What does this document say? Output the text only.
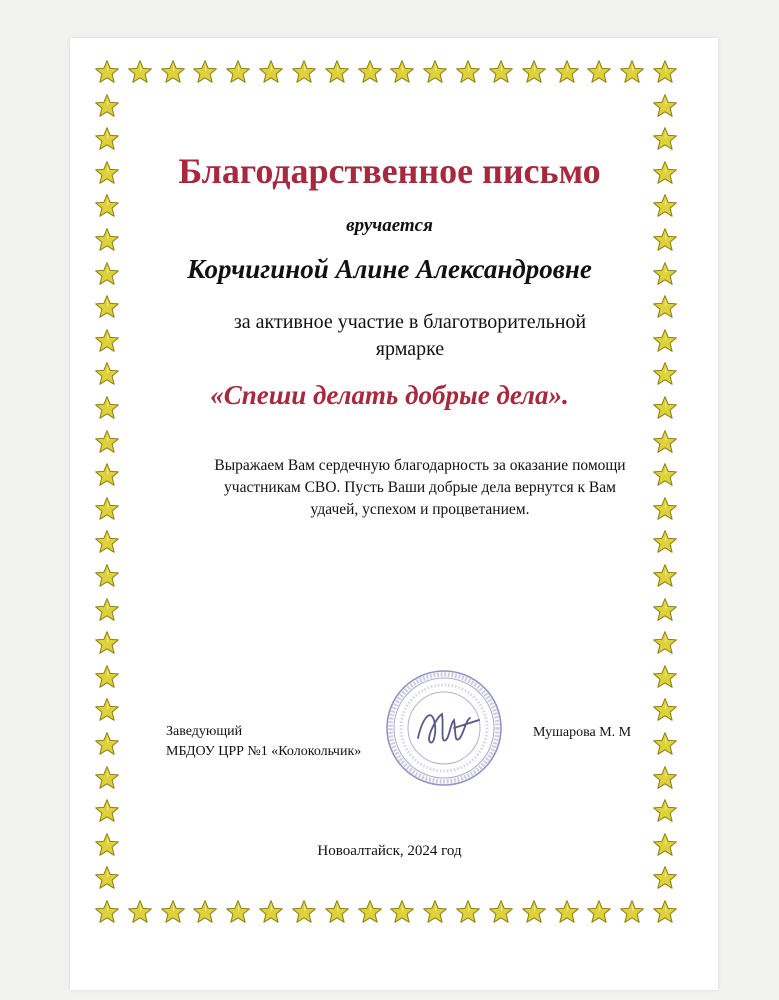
Благодарственное письмо
вручается
Корчигиной Алине Александровне
за активное участие в благотворительной
ярмарке
«Спеши делать добрые дела».
Выражаем Вам сердечную благодарность за оказание помощи
участникам СВО. Пусть Ваши добрые дела вернутся к Вам
удачей, успехом и процветанием.
Заведующий
МБДОУ ЦРР №1 «Колокольчик»
Мушарова М. М
Новоалтайск, 2024 год
